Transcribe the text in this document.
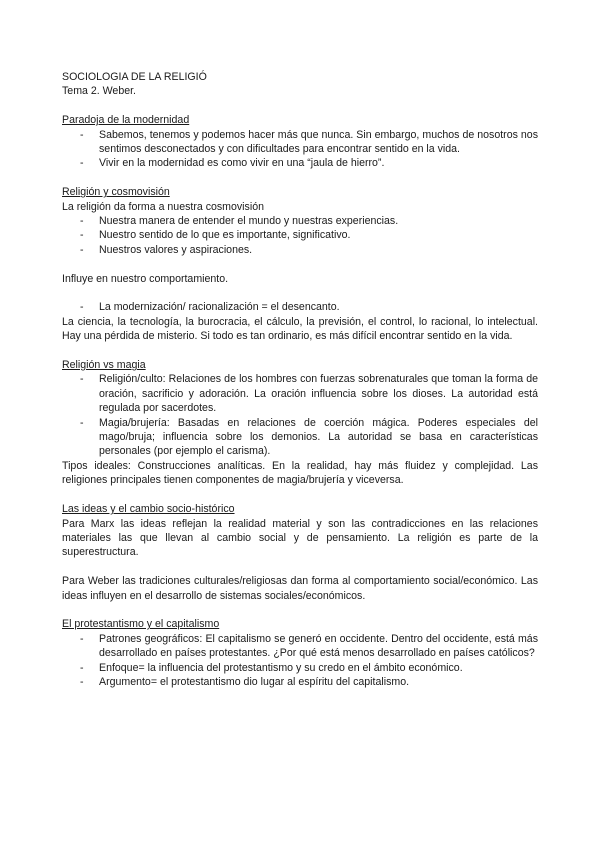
SOCIOLOGIA DE LA RELIGIÓ

Tema 2. Weber.

Paradoja de la modernidad

- Sabemos, tenemos y podemos hacer más que nunca. Sin embargo, muchos de nosotros nos sentimos desconectados y con dificultades para encontrar sentido en la vida.
- Vivir en la modernidad es como vivir en una “jaula de hierro”.

Religión y cosmovisión

La religión da forma a nuestra cosmovisión

- Nuestra manera de entender el mundo y nuestras experiencias.
- Nuestro sentido de lo que es importante, significativo.
- Nuestros valores y aspiraciones.

Influye en nuestro comportamiento.

- La modernización/ racionalización = el desencanto.

La ciencia, la tecnología, la burocracia, el cálculo, la previsión, el control, lo racional, lo intelectual. Hay una pérdida de misterio. Si todo es tan ordinario, es más difícil encontrar sentido en la vida.

Religión vs magia

- Religión/culto: Relaciones de los hombres con fuerzas sobrenaturales que toman la forma de oración, sacrificio y adoración. La oración influencia sobre los dioses. La autoridad está regulada por sacerdotes.
- Magia/brujería: Basadas en relaciones de coerción mágica. Poderes especiales del mago/bruja; influencia sobre los demonios. La autoridad se basa en características personales (por ejemplo el carisma).

Tipos ideales: Construcciones analíticas. En la realidad, hay más fluidez y complejidad. Las religiones principales tienen componentes de magia/brujería y viceversa.

Las ideas y el cambio socio-histórico

Para Marx las ideas reflejan la realidad material y son las contradicciones en las relaciones materiales las que llevan al cambio social y de pensamiento. La religión es parte de la superestructura.

Para Weber las tradiciones culturales/religiosas dan forma al comportamiento social/económico. Las ideas influyen en el desarrollo de sistemas sociales/económicos.

El protestantismo y el capitalismo

- Patrones geográficos: El capitalismo se generó en occidente. Dentro del occidente, está más desarrollado en países protestantes. ¿Por qué está menos desarrollado en países católicos?
- Enfoque= la influencia del protestantismo y su credo en el ámbito económico.
- Argumento= el protestantismo dio lugar al espíritu del capitalismo.
